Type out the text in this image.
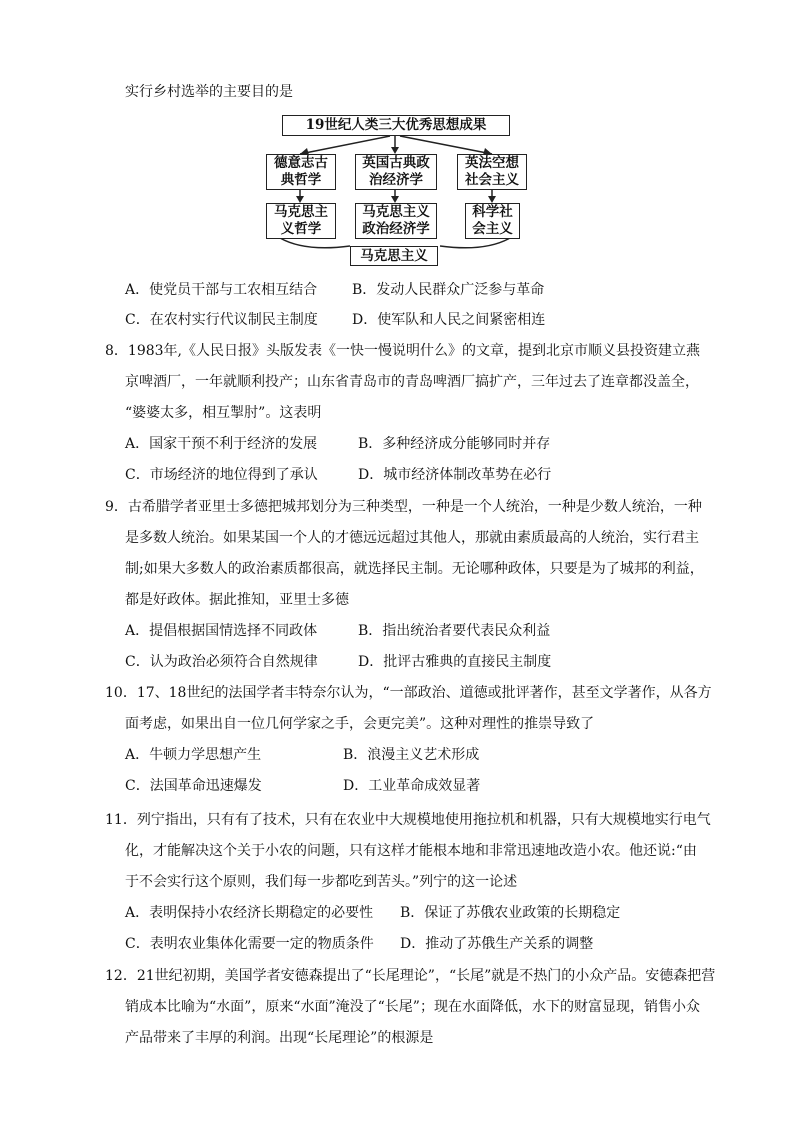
实行乡村选举的主要目的是
19世纪人类三大优秀思想成果
德意志古
典哲学
英国古典政
治经济学
英法空想
社会主义
马克思主
义哲学
马克思主义
政治经济学
科学社
会主义
马克思主义
A．使党员干部与工农相互结合 B．发动人民群众广泛参与革命
C．在农村实行代议制民主制度 D．使军队和人民之间紧密相连
8．1983年,《人民日报》头版发表《一快一慢说明什么》的文章，提到北京市顺义县投资建立燕
京啤酒厂，一年就顺利投产；山东省青岛市的青岛啤酒厂搞扩产，三年过去了连章都没盖全，
“婆婆太多，相互掣肘”。这表明
A．国家干预不利于经济的发展	B．多种经济成分能够同时并存
C．市场经济的地位得到了承认	D．城市经济体制改革势在必行
9．古希腊学者亚里士多德把城邦划分为三种类型，一种是一个人统治，一种是少数人统治，一种
是多数人统治。如果某国一个人的才德远远超过其他人，那就由素质最高的人统治，实行君主
制;如果大多数人的政治素质都很高，就选择民主制。无论哪种政体，只要是为了城邦的利益，
都是好政体。据此推知，亚里士多德
A．提倡根据国情选择不同政体	B．指出统治者要代表民众利益
C．认为政治必须符合自然规律	D．批评古雅典的直接民主制度
10．17、18世纪的法国学者丰特奈尔认为，“一部政治、道德或批评著作，甚至文学著作，从各方
面考虑，如果出自一位几何学家之手，会更完美”。这种对理性的推崇导致了
A．牛顿力学思想产生	B．浪漫主义艺术形成
C．法国革命迅速爆发	D．工业革命成效显著
11．列宁指出，只有有了技术，只有在农业中大规模地使用拖拉机和机器，只有大规模地实行电气
化，才能解决这个关于小农的问题，只有这样才能根本地和非常迅速地改造小农。他还说:“由
于不会实行这个原则，我们每一步都吃到苦头。”列宁的这一论述
A．表明保持小农经济长期稳定的必要性 B．保证了苏俄农业政策的长期稳定
C．表明农业集体化需要一定的物质条件 D．推动了苏俄生产关系的调整
12．21世纪初期，美国学者安德森提出了“长尾理论”，“长尾”就是不热门的小众产品。安德森把营
销成本比喻为“水面”，原来“水面”淹没了“长尾”；现在水面降低，水下的财富显现，销售小众
产品带来了丰厚的利润。出现“长尾理论”的根源是
